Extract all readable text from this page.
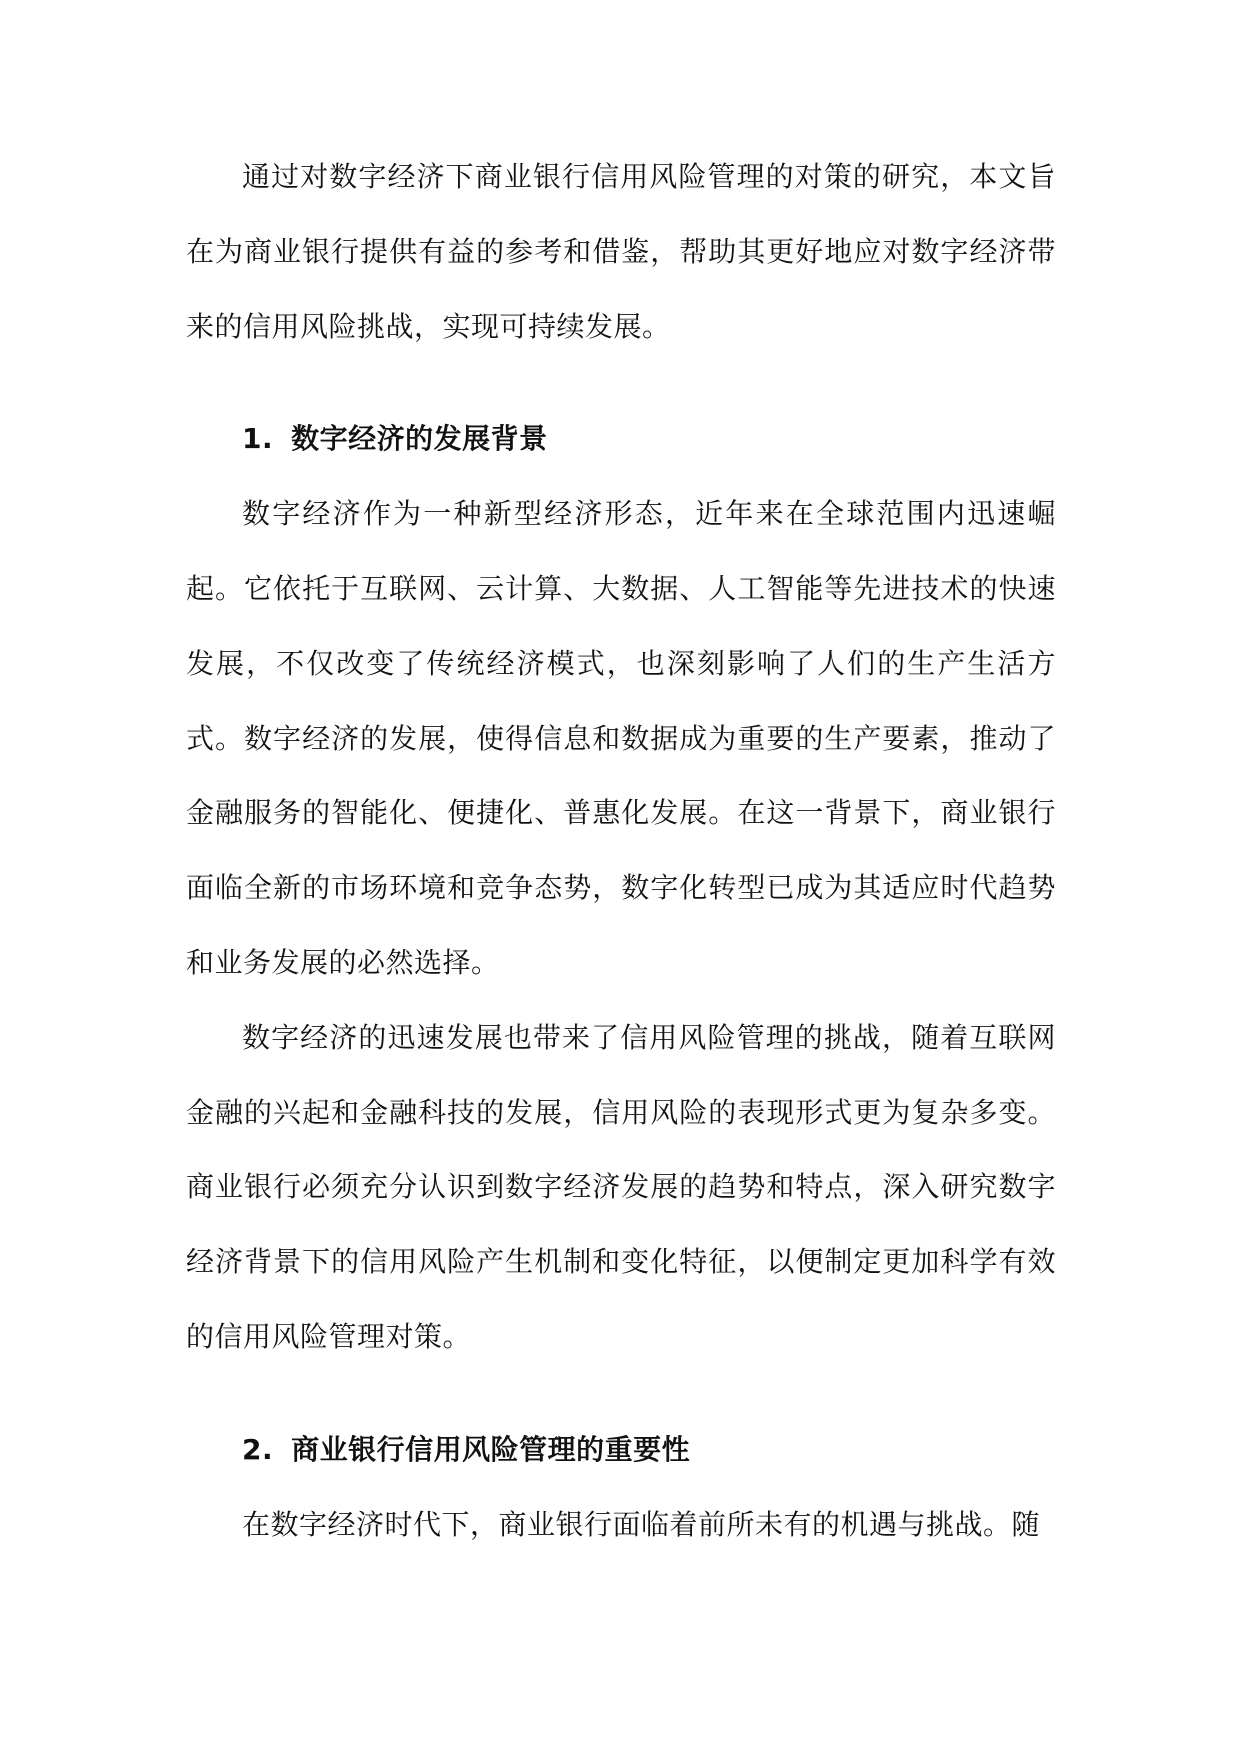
通过对数字经济下商业银行信用风险管理的对策的研究，本文旨在为商业银行提供有益的参考和借鉴，帮助其更好地应对数字经济带来的信用风险挑战，实现可持续发展。

1. 数字经济的发展背景

数字经济作为一种新型经济形态，近年来在全球范围内迅速崛起。它依托于互联网、云计算、大数据、人工智能等先进技术的快速发展，不仅改变了传统经济模式，也深刻影响了人们的生产生活方式。数字经济的发展，使得信息和数据成为重要的生产要素，推动了金融服务的智能化、便捷化、普惠化发展。在这一背景下，商业银行面临全新的市场环境和竞争态势，数字化转型已成为其适应时代趋势和业务发展的必然选择。

数字经济的迅速发展也带来了信用风险管理的挑战，随着互联网金融的兴起和金融科技的发展，信用风险的表现形式更为复杂多变。商业银行必须充分认识到数字经济发展的趋势和特点，深入研究数字经济背景下的信用风险产生机制和变化特征，以便制定更加科学有效的信用风险管理对策。

2. 商业银行信用风险管理的重要性

在数字经济时代下，商业银行面临着前所未有的机遇与挑战。随
